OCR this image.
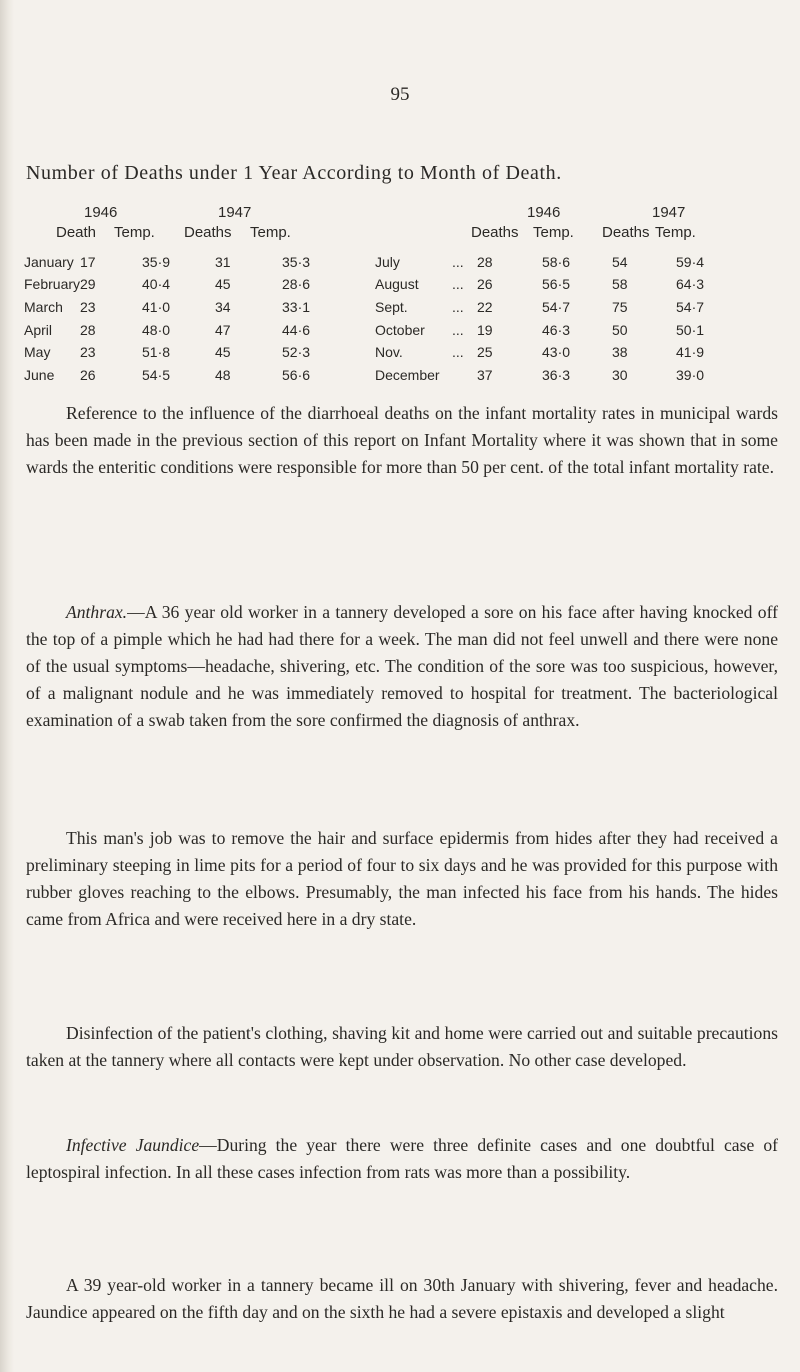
95
Number of Deaths under 1 Year According to Month of Death.
1946	1947	1946	1947
Death Temp. Deaths Temp.	Deaths Temp. Deaths Temp.
January 17	35·9	31	35·3
February 29	40·4	45	28·6
March 23	41·0	34	33·1
April 28	48·0	47	44·6
May 23	51·8	45	52·3
June 26	54·5	48	56·6
July	... 28	58·6	54	59·4
August ... 26	56·5	58	64·3
Sept.	... 22	54·7	75	54·7
October ... 19	46·3	50	50·1
Nov.	... 25	43·0	38	41·9
December	37	36·3	30	39·0

Reference to the influence of the diarrhoeal deaths on the infant mortality rates in municipal wards has been made in the previous section of this report on Infant Mortality where it was shown that in some wards the enteritic conditions were responsible for more than 50 per cent. of the total infant mortality rate.

Anthrax.—A 36 year old worker in a tannery developed a sore on his face after having knocked off the top of a pimple which he had had there for a week. The man did not feel unwell and there were none of the usual symptoms—headache, shivering, etc. The condition of the sore was too suspicious, however, of a malignant nodule and he was immediately removed to hospital for treatment. The bacteriological examination of a swab taken from the sore confirmed the diagnosis of anthrax.

This man's job was to remove the hair and surface epidermis from hides after they had received a preliminary steeping in lime pits for a period of four to six days and he was provided for this purpose with rubber gloves reaching to the elbows. Presumably, the man infected his face from his hands. The hides came from Africa and were received here in a dry state.

Disinfection of the patient's clothing, shaving kit and home were carried out and suitable precautions taken at the tannery where all contacts were kept under observation. No other case developed.

Infective Jaundice—During the year there were three definite cases and one doubtful case of leptospiral infection. In all these cases infection from rats was more than a possibility.

A 39 year-old worker in a tannery became ill on 30th January with shivering, fever and headache. Jaundice appeared on the fifth day and on the sixth he had a severe epistaxis and developed a slight
